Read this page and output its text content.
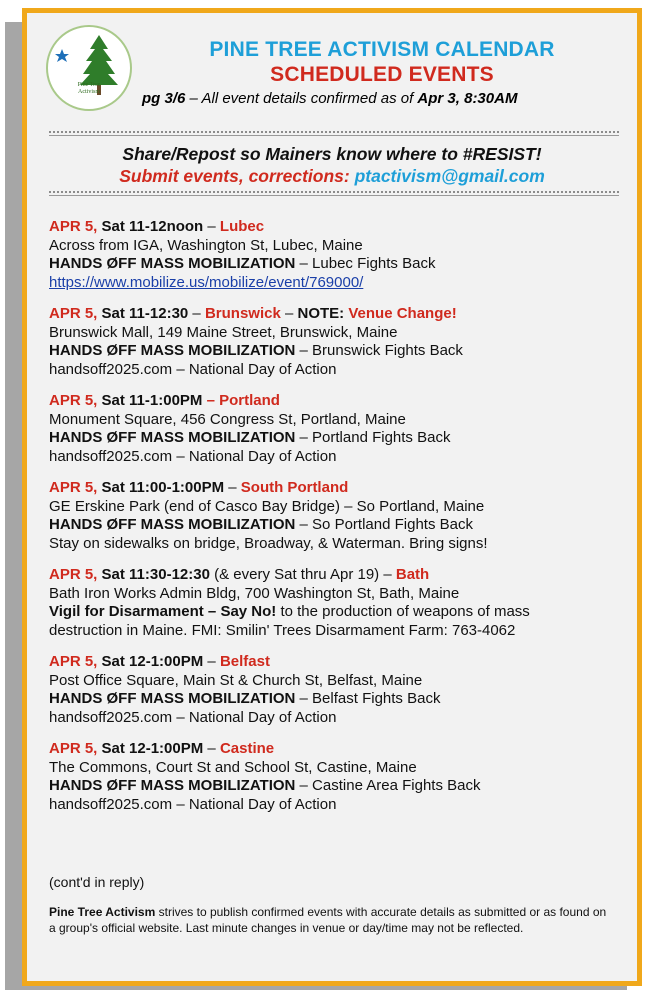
Pine Tree
Activism
PINE TREE ACTIVISM CALENDAR
SCHEDULED EVENTS
pg 3/6 – All event details confirmed as of Apr 3, 8:30AM
Share/Repost so Mainers know where to #RESIST!
Submit events, corrections: ptactivism@gmail.com
APR 5, Sat 11-12noon – Lubec
Across from IGA, Washington St, Lubec, Maine
HANDS ØFF MASS MOBILIZATION – Lubec Fights Back
https://www.mobilize.us/mobilize/event/769000/
APR 5, Sat 11-12:30 – Brunswick – NOTE: Venue Change!
Brunswick Mall, 149 Maine Street, Brunswick, Maine
HANDS ØFF MASS MOBILIZATION – Brunswick Fights Back
handsoff2025.com – National Day of Action
APR 5, Sat 11-1:00PM – Portland
Monument Square, 456 Congress St, Portland, Maine
HANDS ØFF MASS MOBILIZATION – Portland Fights Back
handsoff2025.com – National Day of Action
APR 5, Sat 11:00-1:00PM – South Portland
GE Erskine Park (end of Casco Bay Bridge) – So Portland, Maine
HANDS ØFF MASS MOBILIZATION – So Portland Fights Back
Stay on sidewalks on bridge, Broadway, & Waterman. Bring signs!
APR 5, Sat 11:30-12:30 (& every Sat thru Apr 19) – Bath
Bath Iron Works Admin Bldg, 700 Washington St, Bath, Maine
Vigil for Disarmament – Say No! to the production of weapons of mass
destruction in Maine. FMI: Smilin' Trees Disarmament Farm: 763-4062
APR 5, Sat 12-1:00PM – Belfast
Post Office Square, Main St & Church St, Belfast, Maine
HANDS ØFF MASS MOBILIZATION – Belfast Fights Back
handsoff2025.com – National Day of Action
APR 5, Sat 12-1:00PM – Castine
The Commons, Court St and School St, Castine, Maine
HANDS ØFF MASS MOBILIZATION – Castine Area Fights Back
handsoff2025.com – National Day of Action
(cont'd in reply)
Pine Tree Activism strives to publish confirmed events with accurate details as submitted or as found on a group's official website. Last minute changes in venue or day/time may not be reflected.
